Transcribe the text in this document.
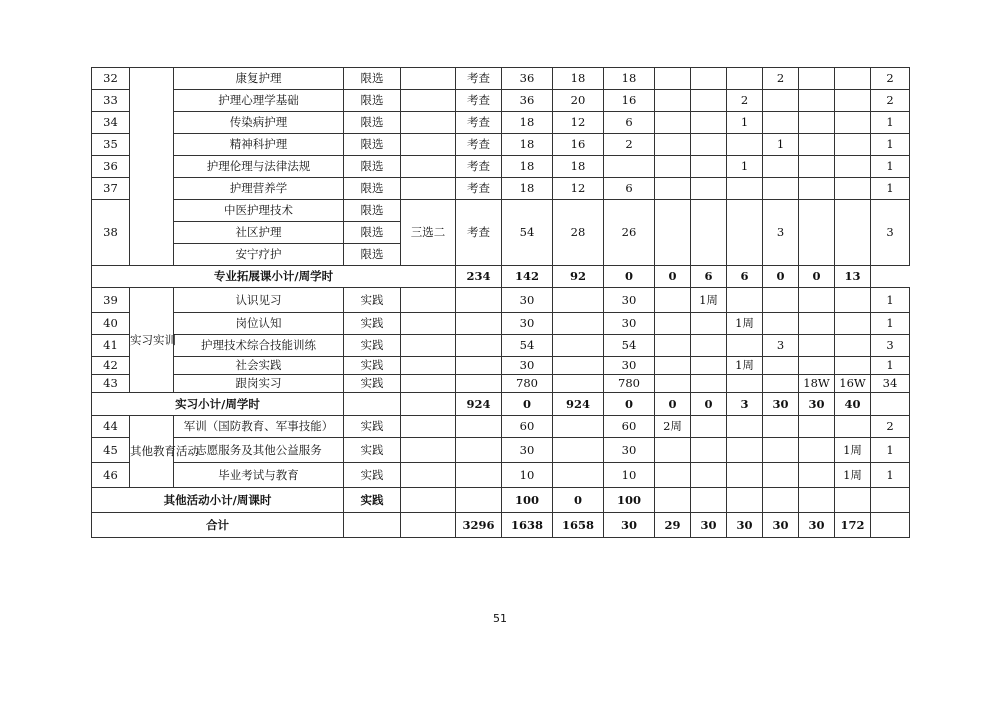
32		康复护理	限选		考查	36	18	18				2			2	
33		护理心理学基础	限选		考查	36	20	16			2				2	
34		传染病护理	限选		考查	18	12	6			1				1	
35		精神科护理	限选		考查	18	16	2				1			1	
36		护理伦理与法律法规	限选		考查	18	18				1				1	
37		护理营养学	限选		考查	18	12	6							1	
38		中医护理技术	限选	三选二	考查	54	28	26				3			3	
		社区护理	限选													
		安宁疗护	限选													
专业拓展课小计/周学时					234	142	92	0	0	6	6	0	0	13		
39	实习实训	认识见习	实践			30		30		1周					1	
40		岗位认知	实践			30		30			1周				1	
41		护理技术综合技能训练	实践			54		54				3			3	
42		社会实践	实践			30		30			1周				1	
43		跟岗实习	实践			780		780					18W	16W	34	
实习小计/周学时					924	0	924	0	0	0	3	30	30	40		
44	其他教育活动	军训（国防教育、军事技能）	实践			60		60	2周						2	
45		志愿服务及其他公益服务	实践			30		30						1周	1	
46		毕业考试与教育	实践			10		10						1周	1	
其他活动小计/周课时			实践			100	0	100								
合计					3296	1638	1658	30	29	30	30	30	30	172		
51
